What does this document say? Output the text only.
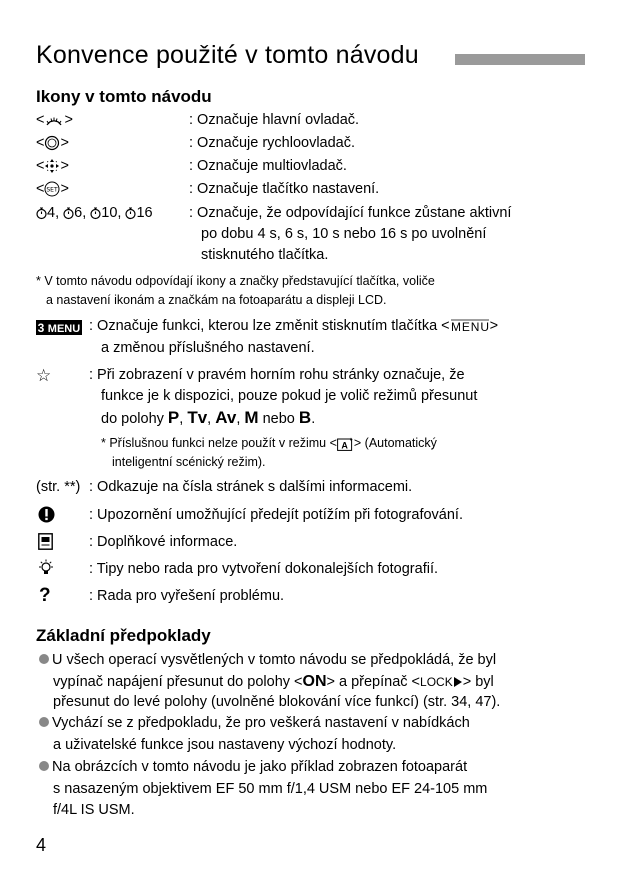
Konvence použité v tomto návodu
Ikony v tomto návodu
< >	: Označuje hlavní ovladač.
< >	: Označuje rychloovladač.
< >	: Označuje multiovladač.
< SET >	: Označuje tlačítko nastavení.
4, 6, 10, 16	: Označuje, že odpovídající funkce zůstane aktivní
po dobu 4 s, 6 s, 10 s nebo 16 s po uvolnění
stisknutého tlačítka.
* V tomto návodu odpovídají ikony a značky představující tlačítka, voliče
a nastavení ikonám a značkám na fotoaparátu a displeji LCD.
3 MENU : Označuje funkci, kterou lze změnit stisknutím tlačítka < MENU >
a změnou příslušného nastavení.
☆	: Při zobrazení v pravém horním rohu stránky označuje, že
funkce je k dispozici, pouze pokud je volič režimů přesunut
do polohy P, Tv, Av, M nebo B.
* Příslušnou funkci nelze použít v režimu < A > (Automatický
inteligentní scénický režim).
(str. **) : Odkazuje na čísla stránek s dalšími informacemi.
: Upozornění umožňující předejít potížím při fotografování.
: Doplňkové informace.
: Tipy nebo rada pro vytvoření dokonalejších fotografií.
?	: Rada pro vyřešení problému.
Základní předpoklady
U všech operací vysvětlených v tomto návodu se předpokládá, že byl
vypínač napájení přesunut do polohy <ON> a přepínač <LOCK > byl
přesunut do levé polohy (uvolněné blokování více funkcí) (str. 34, 47).
Vychází se z předpokladu, že pro veškerá nastavení v nabídkách
a uživatelské funkce jsou nastaveny výchozí hodnoty.
Na obrázcích v tomto návodu je jako příklad zobrazen fotoaparát
s nasazeným objektivem EF 50 mm f/1,4 USM nebo EF 24-105 mm
f/4L IS USM.
4
